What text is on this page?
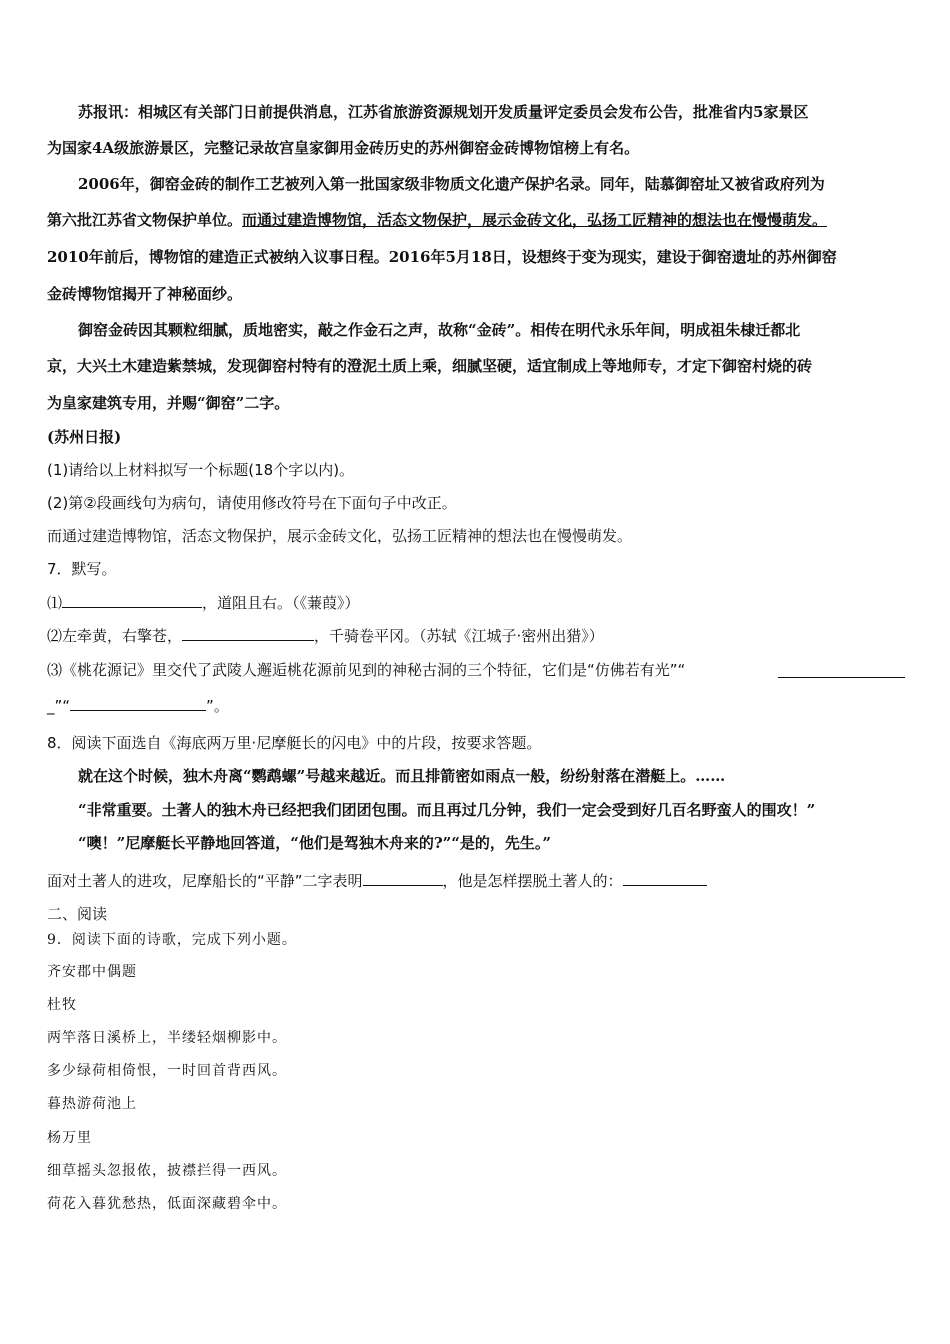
苏报讯：相城区有关部门日前提供消息，江苏省旅游资源规划开发质量评定委员会发布公告，批准省内5家景区
为国家4A级旅游景区，完整记录故宫皇家御用金砖历史的苏州御窑金砖博物馆榜上有名。
2006年，御窑金砖的制作工艺被列入第一批国家级非物质文化遗产保护名录。同年，陆慕御窑址又被省政府列为
第六批江苏省文物保护单位。而通过建造博物馆，活态文物保护，展示金砖文化，弘扬工匠精神的想法也在慢慢萌发。
2010年前后，博物馆的建造正式被纳入议事日程。2016年5月18日，设想终于变为现实，建设于御窑遗址的苏州御窑
金砖博物馆揭开了神秘面纱。
御窑金砖因其颗粒细腻，质地密实，敲之作金石之声，故称“金砖”。相传在明代永乐年间，明成祖朱棣迁都北
京，大兴土木建造紫禁城，发现御窑村特有的澄泥土质上乘，细腻坚硬，适宜制成上等地师专，才定下御窑村烧的砖
为皇家建筑专用，并赐“御窑”二字。
(苏州日报)
(1)请给以上材料拟写一个标题(18个字以内)。
(2)第②段画线句为病句，请使用修改符号在下面句子中改正。
而通过建造博物馆，活态文物保护，展示金砖文化，弘扬工匠精神的想法也在慢慢萌发。
7．默写。
⑴	，道阻且右。（《蒹葭》）
⑵左牵黄，右擎苍，	，千骑卷平冈。（苏轼《江城子·密州出猎》）
⑶《桃花源记》里交代了武陵人邂逅桃花源前见到的神秘古洞的三个特征，它们是“仿佛若有光”“
_”“	”。
8．阅读下面选自《海底两万里·尼摩艇长的闪电》中的片段，按要求答题。
就在这个时候，独木舟离“鹦鹉螺”号越来越近。而且排箭密如雨点一般，纷纷射落在潜艇上。……
“非常重要。土著人的独木舟已经把我们团团包围。而且再过几分钟，我们一定会受到好几百名野蛮人的围攻！”
“噢！”尼摩艇长平静地回答道，“他们是驾独木舟来的?”“是的，先生。”
面对土著人的进攻，尼摩船长的“平静”二字表明	，他是怎样摆脱土著人的：
二、阅读
9．阅读下面的诗歌，完成下列小题。
齐安郡中偶题
杜牧
两竿落日溪桥上，半缕轻烟柳影中。
多少绿荷相倚恨，一时回首背西风。
暮热游荷池上
杨万里
细草摇头忽报侬，披襟拦得一西风。
荷花入暮犹愁热，低面深藏碧伞中。
